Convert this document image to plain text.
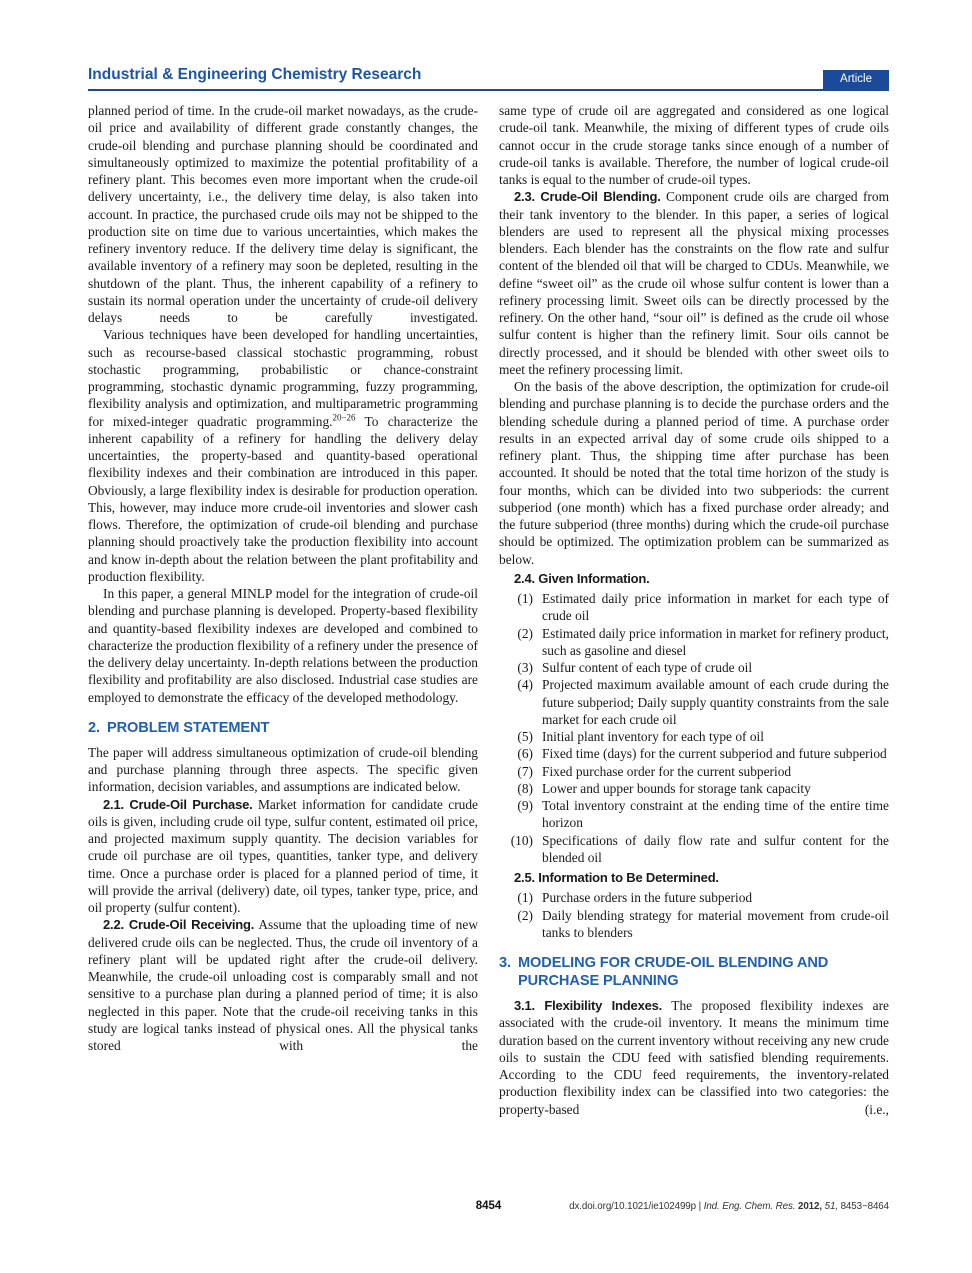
Industrial & Engineering Chemistry Research	Article

planned period of time. In the crude-oil market nowadays, as the crude-oil price and availability of different grade constantly changes, the crude-oil blending and purchase planning should be coordinated and simultaneously optimized to maximize the potential profitability of a refinery plant. This becomes even more important when the crude-oil delivery uncertainty, i.e., the delivery time delay, is also taken into account. In practice, the purchased crude oils may not be shipped to the production site on time due to various uncertainties, which makes the refinery inventory reduce. If the delivery time delay is significant, the available inventory of a refinery may soon be depleted, resulting in the shutdown of the plant. Thus, the inherent capability of a refinery to sustain its normal operation under the uncertainty of crude-oil delivery delays needs to be carefully investigated.

Various techniques have been developed for handling uncertainties, such as recourse-based classical stochastic programming, robust stochastic programming, probabilistic or chance-constraint programming, stochastic dynamic programming, fuzzy programming, flexibility analysis and optimization, and multiparametric programming for mixed-integer quadratic programming.$^{20-26}$ To characterize the inherent capability of a refinery for handling the delivery delay uncertainties, the property-based and quantity-based operational flexibility indexes and their combination are introduced in this paper. Obviously, a large flexibility index is desirable for production operation. This, however, may induce more crude-oil inventories and slower cash flows. Therefore, the optimization of crude-oil blending and purchase planning should proactively take the production flexibility into account and know in-depth about the relation between the plant profitability and production flexibility.

In this paper, a general MINLP model for the integration of crude-oil blending and purchase planning is developed. Property-based flexibility and quantity-based flexibility indexes are developed and combined to characterize the production flexibility of a refinery under the presence of the delivery delay uncertainty. In-depth relations between the production flexibility and profitability are also disclosed. Industrial case studies are employed to demonstrate the efficacy of the developed methodology.

2. PROBLEM STATEMENT

The paper will address simultaneous optimization of crude-oil blending and purchase planning through three aspects. The specific given information, decision variables, and assumptions are indicated below.

2.1. Crude-Oil Purchase. Market information for candidate crude oils is given, including crude oil type, sulfur content, estimated oil price, and projected maximum supply quantity. The decision variables for crude oil purchase are oil types, quantities, tanker type, and delivery time. Once a purchase order is placed for a planned period of time, it will provide the arrival (delivery) date, oil types, tanker type, price, and oil property (sulfur content).

2.2. Crude-Oil Receiving. Assume that the uploading time of new delivered crude oils can be neglected. Thus, the crude oil inventory of a refinery plant will be updated right after the crude-oil delivery. Meanwhile, the crude-oil unloading cost is comparably small and not sensitive to a purchase plan during a planned period of time; it is also neglected in this paper. Note that the crude-oil receiving tanks in this study are logical tanks instead of physical ones. All the physical tanks stored with the

same type of crude oil are aggregated and considered as one logical crude-oil tank. Meanwhile, the mixing of different types of crude oils cannot occur in the crude storage tanks since enough of a number of crude-oil tanks is available. Therefore, the number of logical crude-oil tanks is equal to the number of crude-oil types.

2.3. Crude-Oil Blending. Component crude oils are charged from their tank inventory to the blender. In this paper, a series of logical blenders are used to represent all the physical mixing processes blenders. Each blender has the constraints on the flow rate and sulfur content of the blended oil that will be charged to CDUs. Meanwhile, we define “sweet oil” as the crude oil whose sulfur content is lower than a refinery processing limit. Sweet oils can be directly processed by the refinery. On the other hand, “sour oil” is defined as the crude oil whose sulfur content is higher than the refinery limit. Sour oils cannot be directly processed, and it should be blended with other sweet oils to meet the refinery processing limit.

On the basis of the above description, the optimization for crude-oil blending and purchase planning is to decide the purchase orders and the blending schedule during a planned period of time. A purchase order results in an expected arrival day of some crude oils shipped to a refinery plant. Thus, the shipping time after purchase has been accounted. It should be noted that the total time horizon of the study is four months, which can be divided into two subperiods: the current subperiod (one month) which has a fixed purchase order already; and the future subperiod (three months) during which the crude-oil purchase should be optimized. The optimization problem can be summarized as below.

2.4. Given Information.

(1) Estimated daily price information in market for each type of crude oil
(2) Estimated daily price information in market for refinery product, such as gasoline and diesel
(3) Sulfur content of each type of crude oil
(4) Projected maximum available amount of each crude during the future subperiod; Daily supply quantity constraints from the sale market for each crude oil
(5) Initial plant inventory for each type of oil
(6) Fixed time (days) for the current subperiod and future subperiod
(7) Fixed purchase order for the current subperiod
(8) Lower and upper bounds for storage tank capacity
(9) Total inventory constraint at the ending time of the entire time horizon
(10) Specifications of daily flow rate and sulfur content for the blended oil

2.5. Information to Be Determined.

(1) Purchase orders in the future subperiod
(2) Daily blending strategy for material movement from crude-oil tanks to blenders
3. MODELING FOR CRUDE-OIL BLENDING AND PURCHASE PLANNING

3.1. Flexibility Indexes. The proposed flexibility indexes are associated with the crude-oil inventory. It means the minimum time duration based on the current inventory without receiving any new crude oils to sustain the CDU feed with satisfied blending requirements. According to the CDU feed requirements, the inventory-related production flexibility index can be classified into two categories: the property-based (i.e.,

8454	dx.doi.org/10.1021/ie102499p | Ind. Eng. Chem. Res. 2012, 51, 8453−8464
